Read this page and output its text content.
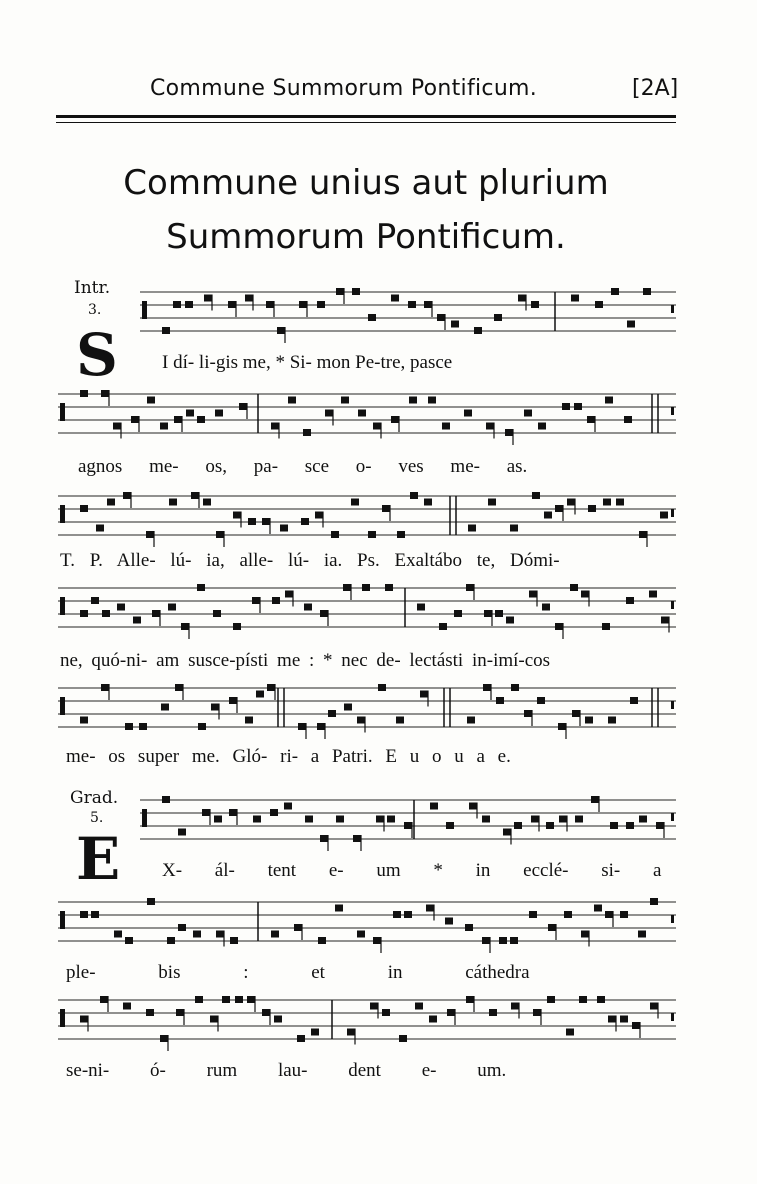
Commune Summorum Pontificum.	[2A]
Commune unius aut plurium
Summorum Pontificum.
Intr.
3.
S I dí- li-gis me, * Si- mon Pe-tre, pasce
agnos me- os, pa- sce o- ves me- as.
T. P. Alle- lú- ia, alle- lú- ia. Ps. Exaltábo te, Dómi-
ne, quó-ni- am susce-písti me : * nec de- lectásti in-imí-cos
me- os super me. Gló- ri- a Patri. E u o u a e.
Grad.
5.
E X- ál- tent e- um * in ecclé- si- a
ple- bis : et in cáthedra
se-ni- ó- rum lau- dent e- um.
